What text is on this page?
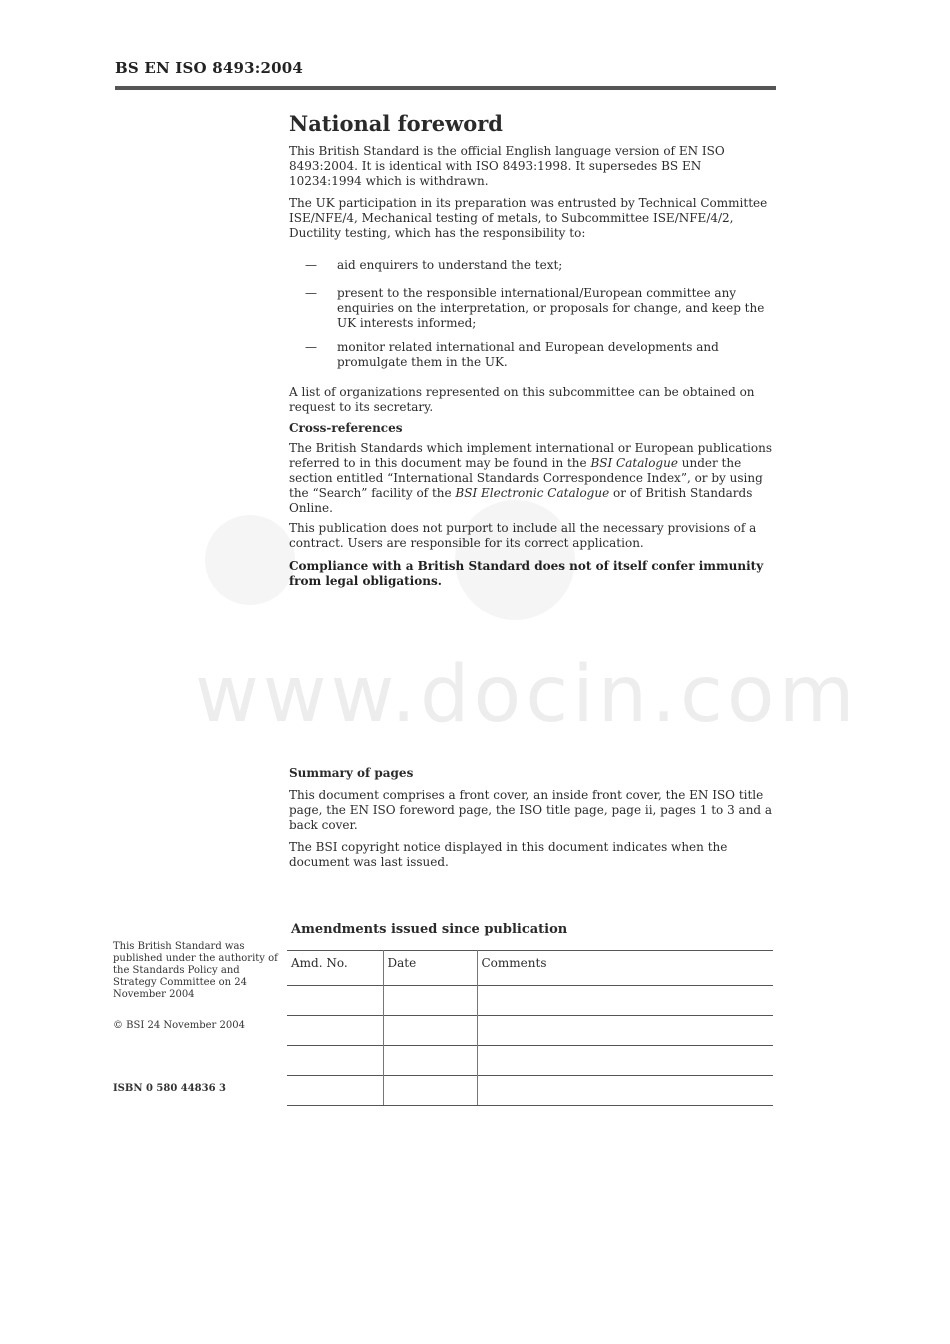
BS EN ISO 8493:2004
National foreword
This British Standard is the official English language version of EN ISO 8493:2004. It is identical with ISO 8493:1998. It supersedes BS EN 10234:1994 which is withdrawn.
The UK participation in its preparation was entrusted by Technical Committee ISE/NFE/4, Mechanical testing of metals, to Subcommittee ISE/NFE/4/2, Ductility testing, which has the responsibility to:
—	aid enquirers to understand the text;
—	present to the responsible international/European committee any enquiries on the interpretation, or proposals for change, and keep the UK interests informed;
—	monitor related international and European developments and promulgate them in the UK.
A list of organizations represented on this subcommittee can be obtained on request to its secretary.
Cross-references
The British Standards which implement international or European publications referred to in this document may be found in the BSI Catalogue under the section entitled “International Standards Correspondence Index”, or by using the “Search” facility of the BSI Electronic Catalogue or of British Standards Online.
This publication does not purport to include all the necessary provisions of a contract. Users are responsible for its correct application.
Compliance with a British Standard does not of itself confer immunity from legal obligations.
www.docin.com
Summary of pages
This document comprises a front cover, an inside front cover, the EN ISO title page, the EN ISO foreword page, the ISO title page, page ii, pages 1 to 3 and a back cover.
The BSI copyright notice displayed in this document indicates when the document was last issued.
This British Standard was published under the authority of the Standards Policy and Strategy Committee on 24 November 2004
© BSI 24 November 2004
ISBN 0 580 44836 3
Amendments issued since publication
Amd. No.	Date	Comments
